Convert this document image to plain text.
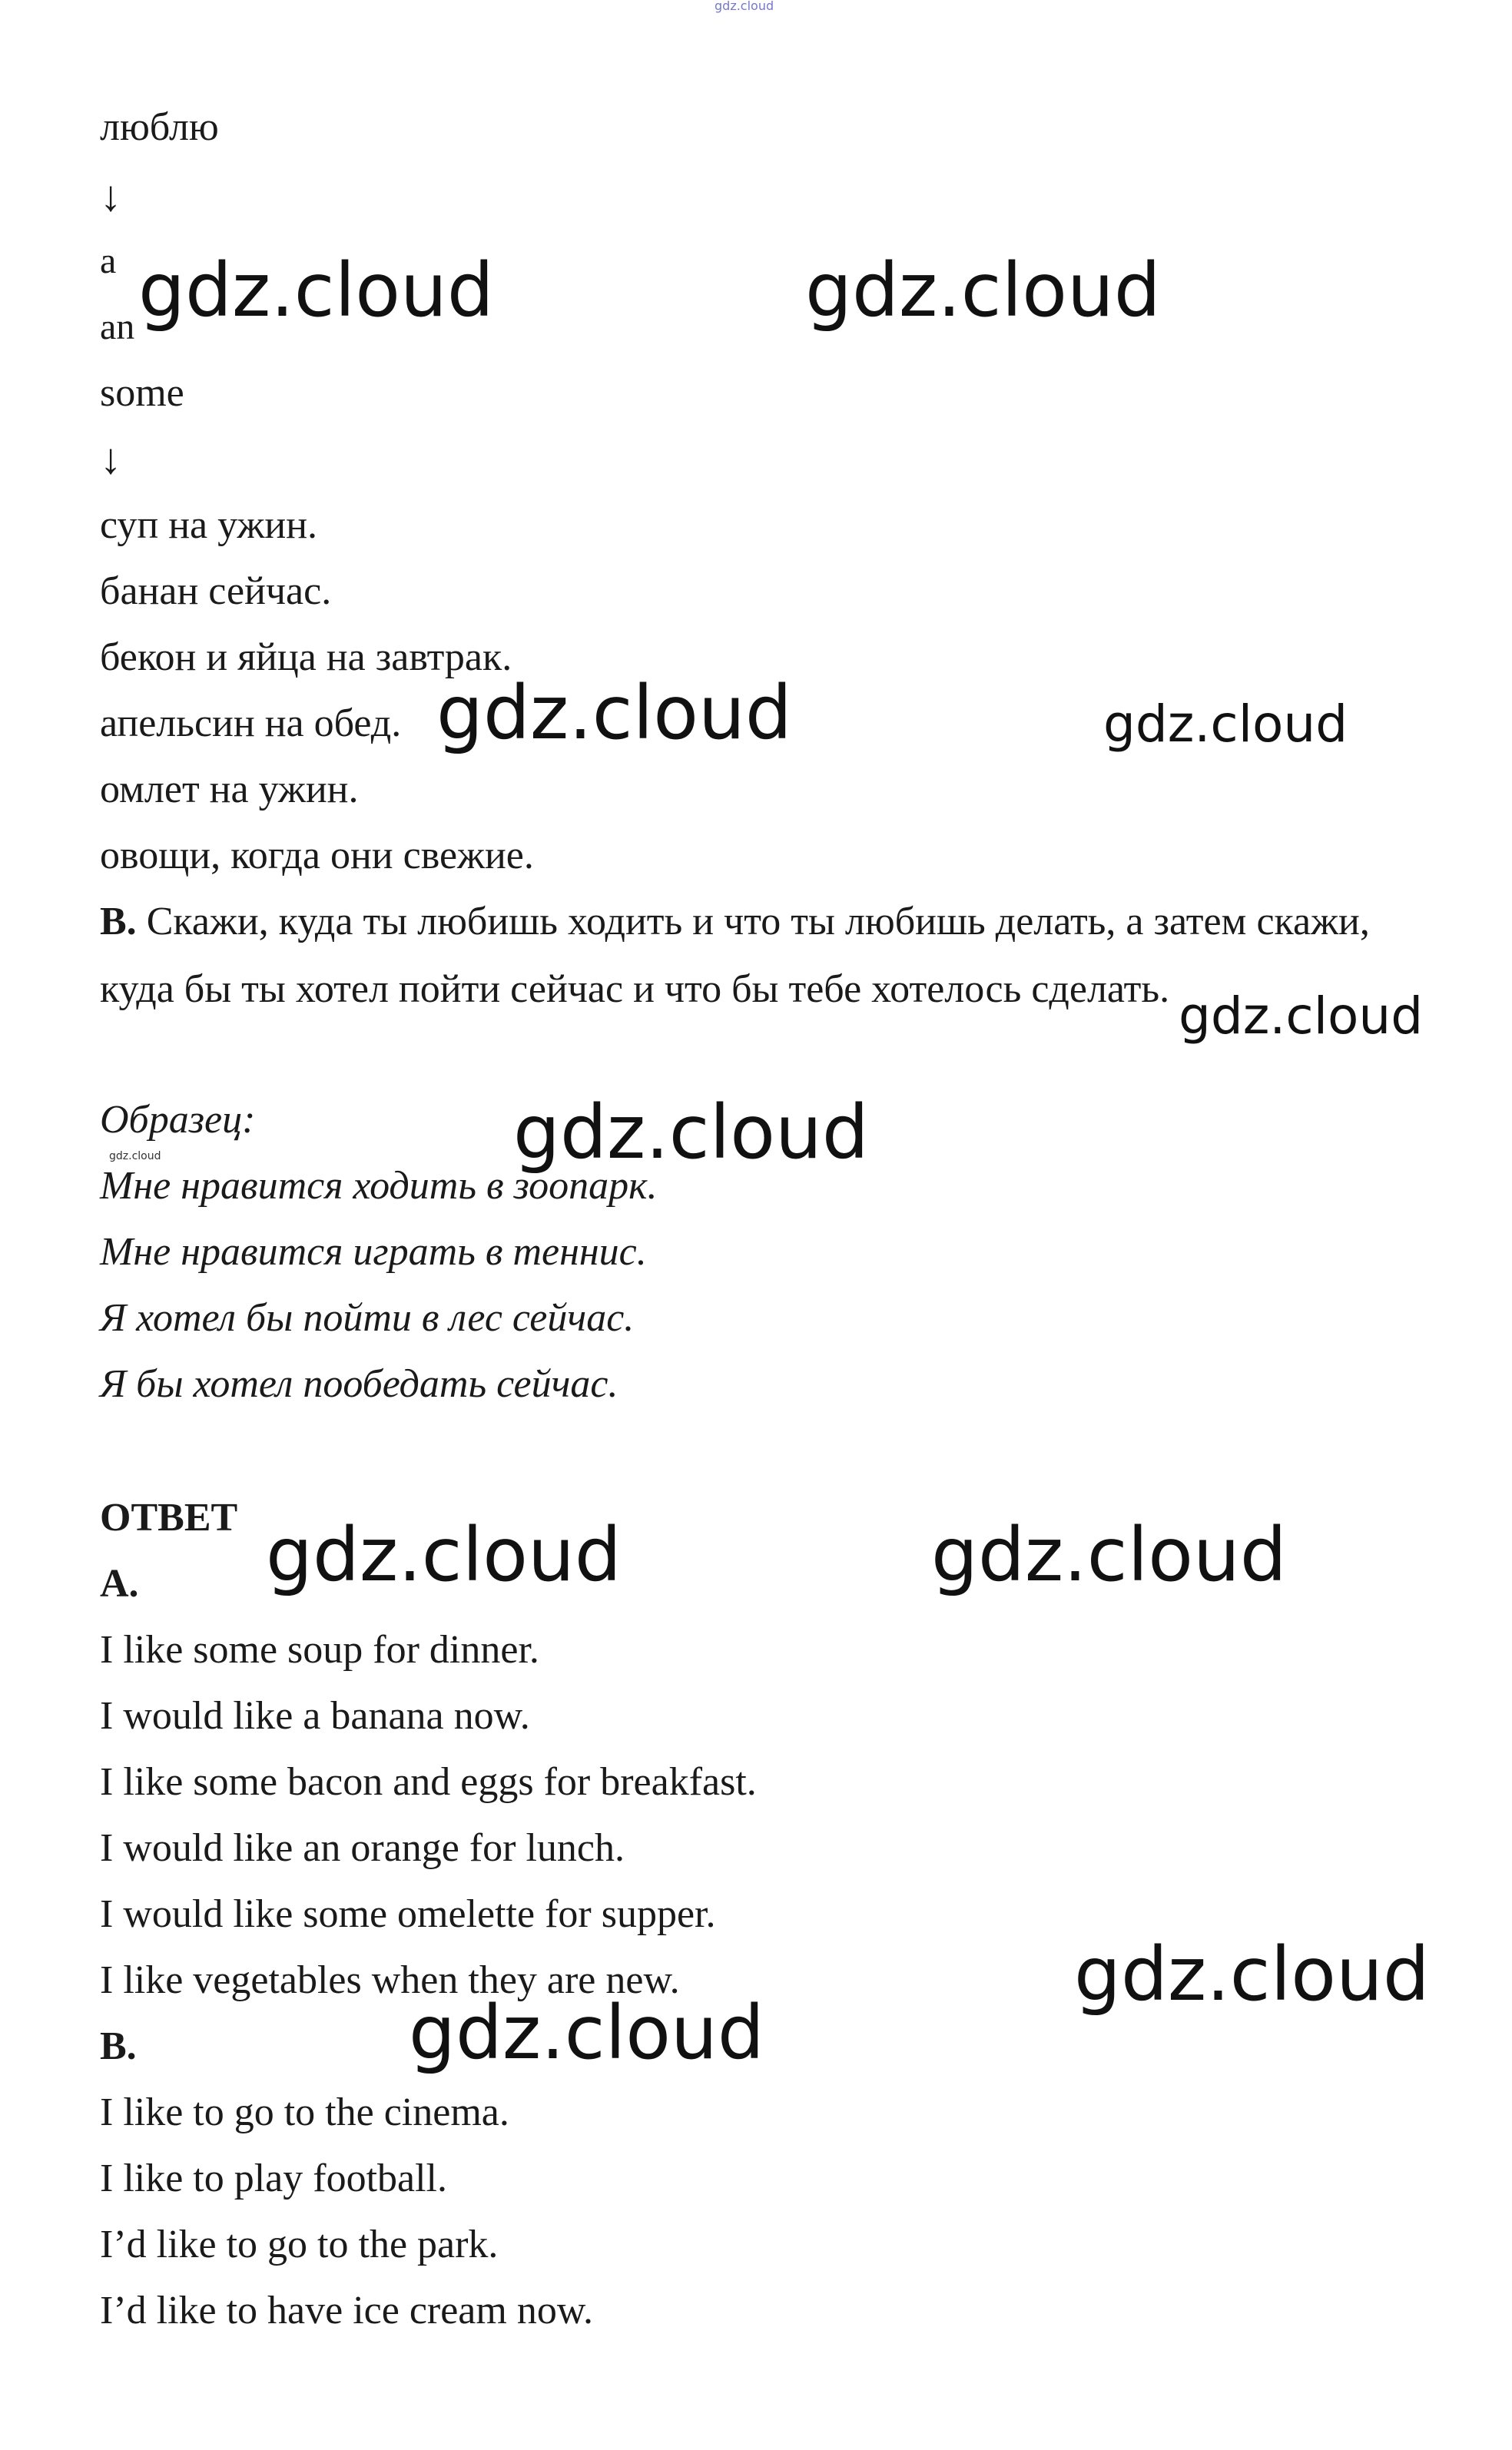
gdz.cloud
люблю
↓
a
an
some
↓
суп на ужин.
банан сейчас.
бекон и яйца на завтрак.
апельсин на обед.
омлет на ужин.
овощи, когда они свежие.
B. Скажи, куда ты любишь ходить и что ты любишь делать, а затем скажи, куда бы ты хотел пойти сейчас и что бы тебе хотелось сделать.
Образец:
Мне нравится ходить в зоопарк.
Мне нравится играть в теннис.
Я хотел бы пойти в лес сейчас.
Я бы хотел пообедать сейчас.
ОТВЕТ
A.
I like some soup for dinner.
I would like a banana now.
I like some bacon and eggs for breakfast.
I would like an orange for lunch.
I would like some omelette for supper.
I like vegetables when they are new.
B.
I like to go to the cinema.
I like to play football.
I’d like to go to the park.
I’d like to have ice cream now.
gdz.cloud	gdz.cloud
gdz.cloud	gdz.cloud
gdz.cloud
gdz.cloud
gdz.cloud
gdz.cloud	gdz.cloud
gdz.cloud
gdz.cloud
